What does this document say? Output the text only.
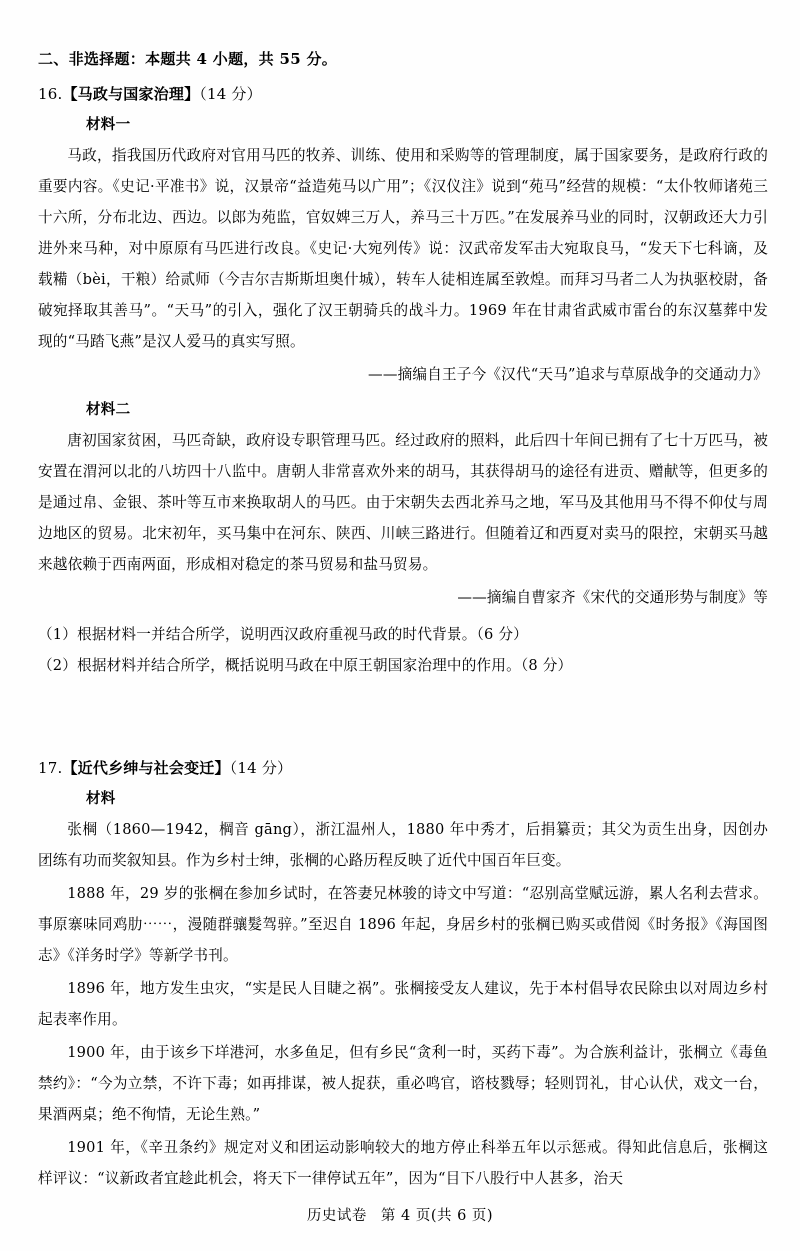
二、非选择题：本题共 4 小题，共 55 分。
16.【马政与国家治理】（14 分）
材料一

马政，指我国历代政府对官用马匹的牧养、训练、使用和采购等的管理制度，属于国家要务，是政府行政的重要内容。《史记·平准书》说，汉景帝“益造苑马以广用”；《汉仪注》说到“苑马”经营的规模：“太仆牧师诸苑三十六所，分布北边、西边。以郎为苑监，官奴婢三万人，养马三十万匹。”在发展养马业的同时，汉朝政还大力引进外来马种，对中原原有马匹进行改良。《史记·大宛列传》说：汉武帝发军击大宛取良马，“发天下七科谪，及载糒（bèi，干粮）给贰师（今吉尔吉斯斯坦奥什城），转车人徒相连属至敦煌。而拜习马者二人为执驱校尉，备破宛择取其善马”。“天马”的引入，强化了汉王朝骑兵的战斗力。1969 年在甘肃省武威市雷台的东汉墓葬中发现的“马踏飞燕”是汉人爱马的真实写照。

——摘编自王子今《汉代“天马”追求与草原战争的交通动力》

材料二

唐初国家贫困，马匹奇缺，政府设专职管理马匹。经过政府的照料，此后四十年间已拥有了七十万匹马，被安置在渭河以北的八坊四十八监中。唐朝人非常喜欢外来的胡马，其获得胡马的途径有进贡、赠献等，但更多的是通过帛、金银、茶叶等互市来换取胡人的马匹。由于宋朝失去西北养马之地，军马及其他用马不得不仰仗与周边地区的贸易。北宋初年，买马集中在河东、陕西、川峡三路进行。但随着辽和西夏对卖马的限控，宋朝买马越来越依赖于西南两面，形成相对稳定的茶马贸易和盐马贸易。

——摘编自曹家齐《宋代的交通形势与制度》等

（1）根据材料一并结合所学，说明西汉政府重视马政的时代背景。（6 分）

（2）根据材料并结合所学，概括说明马政在中原王朝国家治理中的作用。（8 分）

17.【近代乡绅与社会变迁】（14 分）
材料

张棡（1860—1942，棡音 gāng），浙江温州人，1880 年中秀才，后捐纂贡；其父为贡生出身，因创办团练有功而奖叙知县。作为乡村士绅，张棡的心路历程反映了近代中国百年巨变。

1888 年，29 岁的张棡在参加乡试时，在答妻兄林骏的诗文中写道：“忍别高堂赋远游，累人名利去营求。事原寨味同鸡肋⋯⋯，漫随群骧髮驾骍。”至迟自 1896 年起，身居乡村的张棡已购买或借阅《时务报》《海国图志》《洋务时学》等新学书刊。

1896 年，地方发生虫灾，“实是民人目睫之祸”。张棡接受友人建议，先于本村倡导农民除虫以对周边乡村起表率作用。

1900 年，由于该乡下垟港河，水多鱼足，但有乡民“贪利一时，买药下毒”。为合族利益计，张棡立《毒鱼禁约》：“今为立禁，不许下毒；如再排谋，被人捉获，重必鸣官，谘枝戮辱；轻则罚礼，甘心认伏，戏文一台，果酒两桌；绝不徇情，无论生熟。”

1901 年，《辛丑条约》规定对义和团运动影响较大的地方停止科举五年以示惩戒。得知此信息后，张棡这样评议：“议新政者宜趁此机会，将天下一律停试五年”，因为“目下八股行中人甚多，治天

历史试卷 第 4 页(共 6 页)
